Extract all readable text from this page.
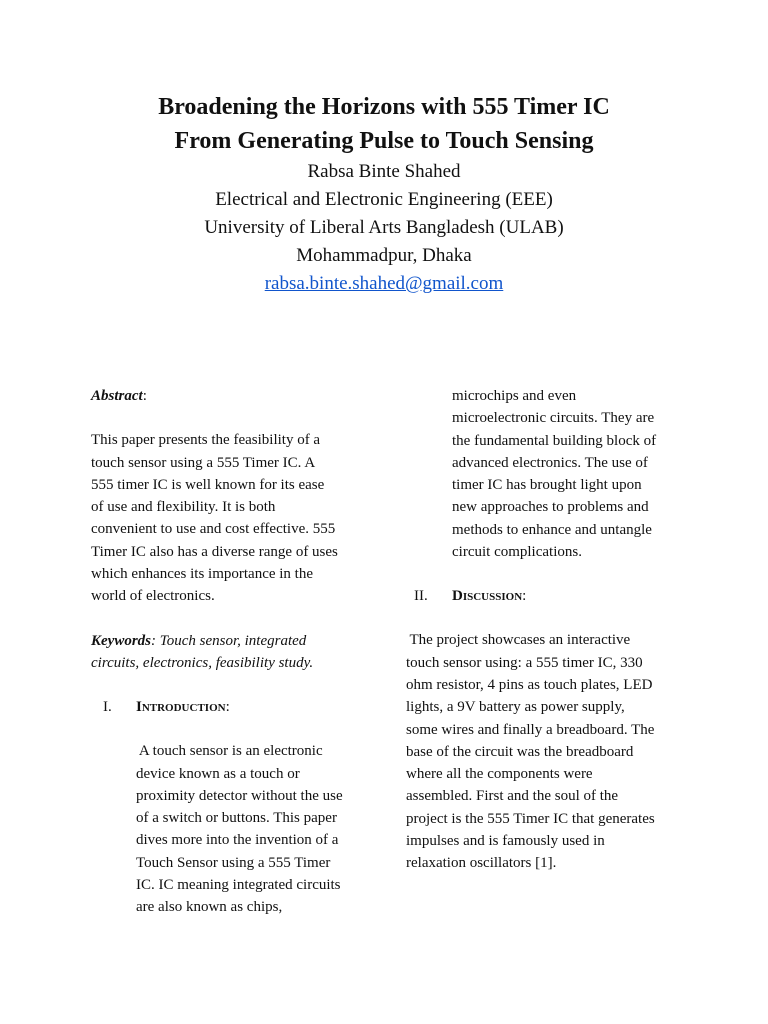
Broadening the Horizons with 555 Timer IC
From Generating Pulse to Touch Sensing
Rabsa Binte Shahed
Electrical and Electronic Engineering (EEE)
University of Liberal Arts Bangladesh (ULAB)
Mohammadpur, Dhaka
rabsa.binte.shahed@gmail.com

Abstract:

This paper presents the feasibility of a

touch sensor using a 555 Timer IC. A

555 timer IC is well known for its ease

of use and flexibility. It is both

convenient to use and cost effective. 555

Timer IC also has a diverse range of uses

which enhances its importance in the

world of electronics.

Keywords: Touch sensor, integrated

circuits, electronics, feasibility study.

I.	Introduction:

A touch sensor is an electronic

device known as a touch or

proximity detector without the use

of a switch or buttons. This paper

dives more into the invention of a

Touch Sensor using a 555 Timer

IC. IC meaning integrated circuits

are also known as chips,

microchips and even

microelectronic circuits. They are

the fundamental building block of

advanced electronics. The use of

timer IC has brought light upon

new approaches to problems and

methods to enhance and untangle

circuit complications.

II.	Discussion:

The project showcases an interactive

touch sensor using: a 555 timer IC, 330

ohm resistor, 4 pins as touch plates, LED

lights, a 9V battery as power supply,

some wires and finally a breadboard. The

base of the circuit was the breadboard

where all the components were

assembled. First and the soul of the

project is the 555 Timer IC that generates

impulses and is famously used in

relaxation oscillators [1].
